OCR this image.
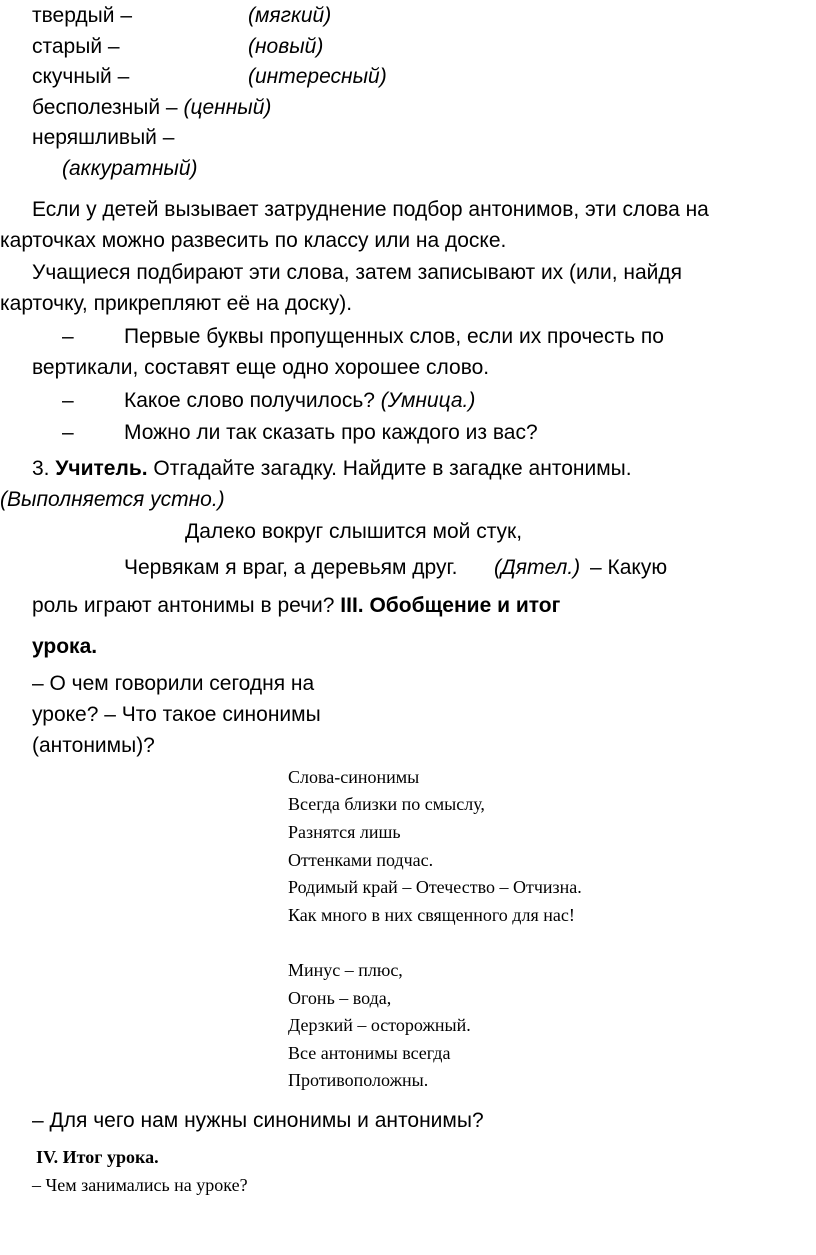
твердый –	(мягкий)
старый –	(новый)
скучный –	(интересный)
бесполезный – (ценный)
неряшливый –
(аккуратный)
Если у детей вызывает затруднение подбор антонимов, эти слова на
карточках можно развесить по классу или на доске.
Учащиеся подбирают эти слова, затем записывают их (или, найдя
карточку, прикрепляют её на доску).
– Первые буквы пропущенных слов, если их прочесть по
вертикали, составят еще одно хорошее слово.
– Какое слово получилось? (Умница.)
– Можно ли так сказать про каждого из вас?
3. Учитель. Отгадайте загадку. Найдите в загадке антонимы.
(Выполняется устно.)
Далеко вокруг слышится мой стук,
Червякам я враг, а деревьям друг. (Дятел.) – Какую
роль играют антонимы в речи? III. Обобщение и итог
урока.
– О чем говорили сегодня на
уроке? – Что такое синонимы
(антонимы)?
Слова-синонимы
Всегда близки по смыслу,
Разнятся лишь
Оттенками подчас.
Родимый край – Отечество – Отчизна.
Как много в них священного для нас!
Минус – плюс,
Огонь – вода,
Дерзкий – осторожный.
Все антонимы всегда
Противоположны.
– Для чего нам нужны синонимы и антонимы?
IV. Итог урока.
– Чем занимались на уроке?
